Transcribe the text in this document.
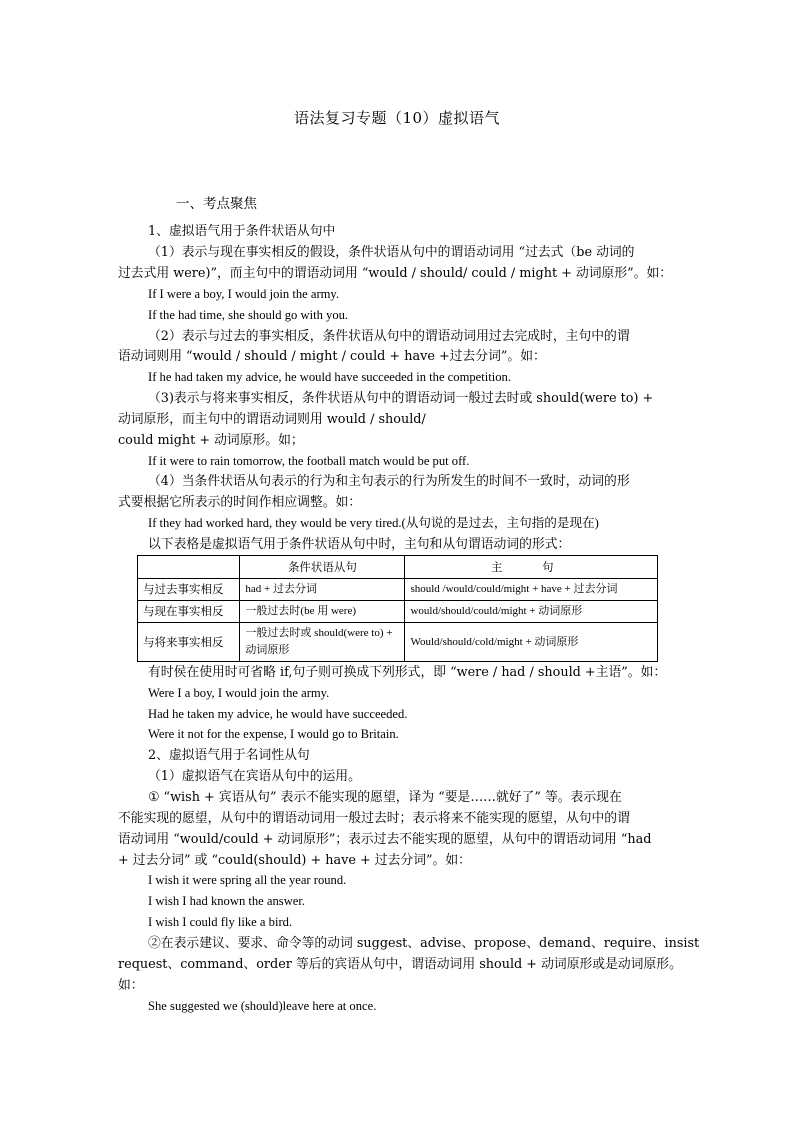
语法复习专题（10）虚拟语气
一、考点聚焦
1、虚拟语气用于条件状语从句中
（1）表示与现在事实相反的假设，条件状语从句中的谓语动词用 “过去式（be 动词的
过去式用 were)”，而主句中的谓语动词用 “would / should/ could / might + 动词原形”。如：
If I were a boy, I would join the army.
If the had time, she should go with you.
（2）表示与过去的事实相反，条件状语从句中的谓语动词用过去完成时，主句中的谓
语动词则用 “would / should / might / could + have +过去分词”。如：
If he had taken my advice, he would have succeeded in the competition.
（3)表示与将来事实相反，条件状语从句中的谓语动词一般过去时或 should(were to) +
动词原形，而主句中的谓语动词则用 would / should/
could might + 动词原形。如；
If it were to rain tomorrow, the football match would be put off.
（4）当条件状语从句表示的行为和主句表示的行为所发生的时间不一致时，动词的形
式要根据它所表示的时间作相应调整。如：
If they had worked hard, they would be very tired.(从句说的是过去，主句指的是现在)
以下表格是虚拟语气用于条件状语从句中时，主句和从句谓语动词的形式：
	条件状语从句	主 句
与过去事实相反	had + 过去分词	should /would/could/might + have + 过去分词
与现在事实相反	一般过去时(be 用 were)	would/should/could/might + 动词原形
与将来事实相反	一般过去时或 should(were to) + 动词原形	Would/should/cold/might + 动词原形
有时侯在使用时可省略 if,句子则可换成下列形式，即 “were / had / should +主语”。如：
Were I a boy, I would join the army.
Had he taken my advice, he would have succeeded.
Were it not for the expense, I would go to Britain.
2、虚拟语气用于名词性从句
（1）虚拟语气在宾语从句中的运用。
① “wish + 宾语从句” 表示不能实现的愿望，译为 “要是……就好了” 等。表示现在
不能实现的愿望，从句中的谓语动词用一般过去时；表示将来不能实现的愿望，从句中的谓
语动词用 “would/could + 动词原形”；表示过去不能实现的愿望，从句中的谓语动词用 “had
+ 过去分词” 或 “could(should) + have + 过去分词”。如：
I wish it were spring all the year round.
I wish I had known the answer.
I wish I could fly like a bird.
②在表示建议、要求、命令等的动词 suggest、advise、propose、demand、require、insist
request、command、order 等后的宾语从句中，谓语动词用 should + 动词原形或是动词原形。
如：
She suggested we (should)leave here at once.
